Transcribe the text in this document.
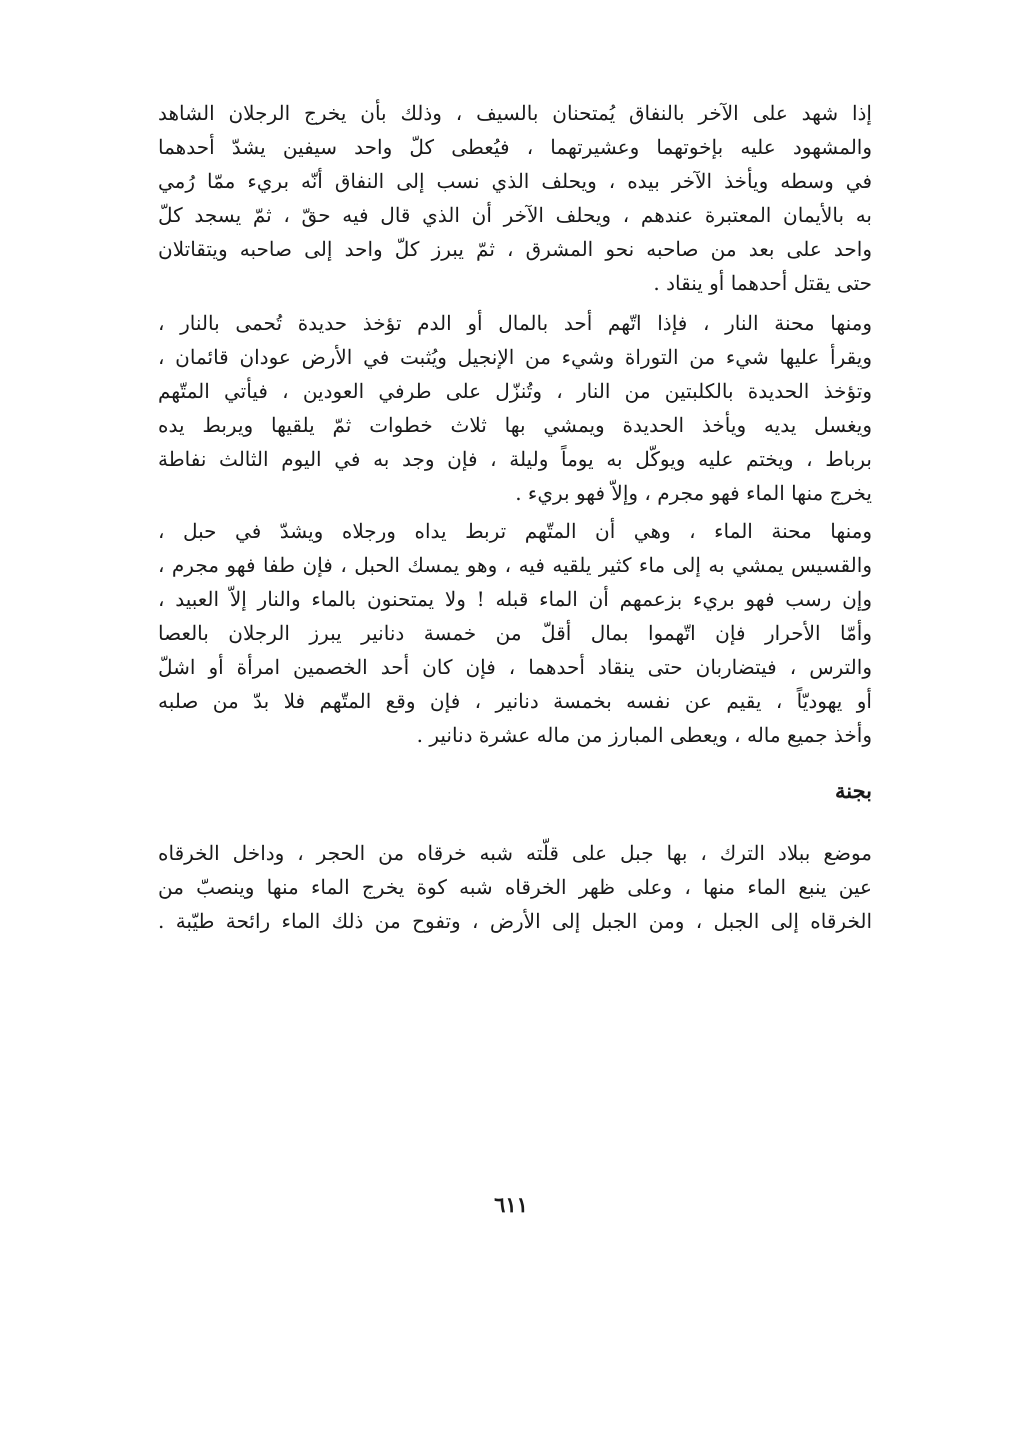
إذا شهد على الآخر بالنفاق يُمتحنان بالسيف ، وذلك بأن يخرج الرجلان الشاهد
والمشهود عليه بإخوتهما وعشيرتهما ، فيُعطى كلّ واحد سيفين يشدّ أحدهما
في وسطه ويأخذ الآخر بيده ، ويحلف الذي نسب إلى النفاق أنّه بريء ممّا رُمي
به بالأيمان المعتبرة عندهم ، ويحلف الآخر أن الذي قال فيه حقّ ، ثمّ يسجد كلّ
واحد على بعد من صاحبه نحو المشرق ، ثمّ يبرز كلّ واحد إلى صاحبه ويتقاتلان
حتى يقتل أحدهما أو ينقاد .
ومنها محنة النار ، فإذا اتّهم أحد بالمال أو الدم تؤخذ حديدة تُحمى بالنار ،
ويقرأ عليها شيء من التوراة وشيء من الإنجيل ويُثبت في الأرض عودان قائمان ،
وتؤخذ الحديدة بالكلبتين من النار ، وتُنزّل على طرفي العودين ، فيأتي المتّهم
ويغسل يديه ويأخذ الحديدة ويمشي بها ثلاث خطوات ثمّ يلقيها ويربط يده
برباط ، ويختم عليه ويوكّل به يوماً وليلة ، فإن وجد به في اليوم الثالث نفاطة
يخرج منها الماء فهو مجرم ، وإلاّ فهو بريء .
ومنها محنة الماء ، وهي أن المتّهم تربط يداه ورجلاه ويشدّ في حبل ،
والقسيس يمشي به إلى ماء كثير يلقيه فيه ، وهو يمسك الحبل ، فإن طفا فهو مجرم ،
وإن رسب فهو بريء بزعمهم أن الماء قبله ! ولا يمتحنون بالماء والنار إلاّ العبيد ،
وأمّا الأحرار فإن اتّهموا بمال أقلّ من خمسة دنانير يبرز الرجلان بالعصا
والترس ، فيتضاربان حتى ينقاد أحدهما ، فإن كان أحد الخصمين امرأة أو اشلّ
أو يهوديّاً ، يقيم عن نفسه بخمسة دنانير ، فإن وقع المتّهم فلا بدّ من صلبه
وأخذ جميع ماله ، ويعطى المبارز من ماله عشرة دنانير .
بجنة
موضع ببلاد الترك ، بها جبل على قلّته شبه خرقاه من الحجر ، وداخل الخرقاه
عين ينبع الماء منها ، وعلى ظهر الخرقاه شبه كوة يخرج الماء منها وينصبّ من
الخرقاه إلى الجبل ، ومن الجبل إلى الأرض ، وتفوح من ذلك الماء رائحة طيّبة .
٦١١
